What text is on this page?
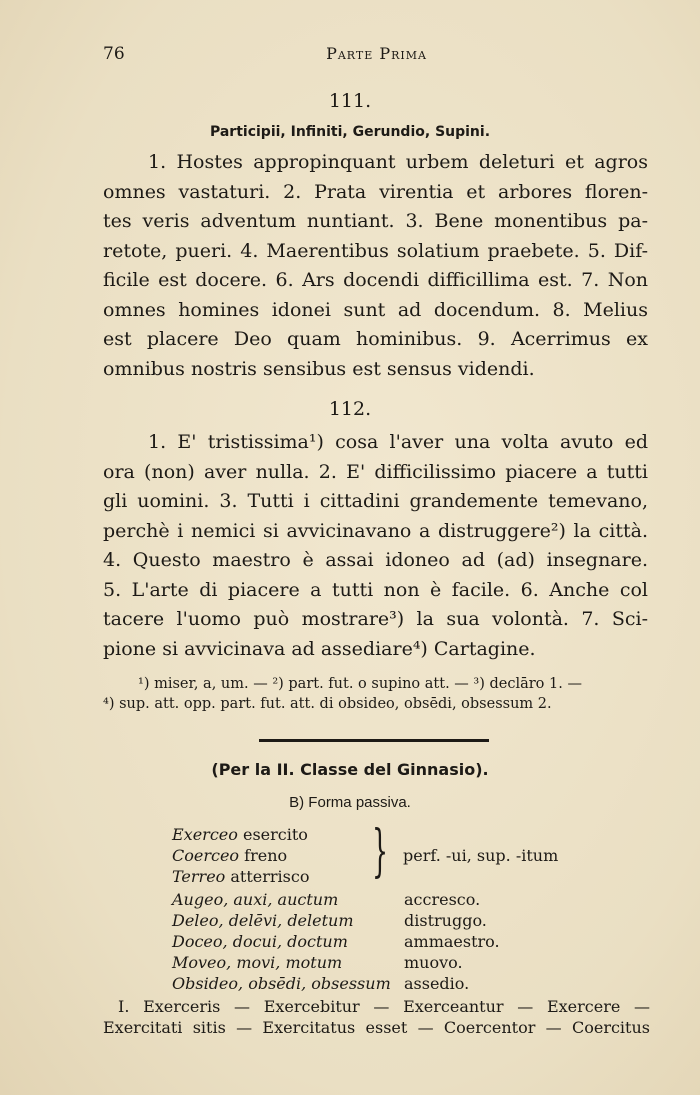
76	Parte Prima
111.
Participii, Infiniti, Gerundio, Supini.
1. Hostes appropinquant urbem deleturi et agros
omnes vastaturi. 2. Prata virentia et arbores floren-
tes veris adventum nuntiant. 3. Bene monentibus pa-
retote, pueri. 4. Maerentibus solatium praebete. 5. Dif-
ficile est docere. 6. Ars docendi difficillima est. 7. Non
omnes homines idonei sunt ad docendum. 8. Melius
est placere Deo quam hominibus. 9. Acerrimus ex
omnibus nostris sensibus est sensus videndi.
112.
1. E' tristissima¹) cosa l'aver una volta avuto ed
ora (non) aver nulla. 2. E' difficilissimo piacere a tutti
gli uomini. 3. Tutti i cittadini grandemente temevano,
perchè i nemici si avvicinavano a distruggere²) la città.
4. Questo maestro è assai idoneo ad (ad) insegnare.
5. L'arte di piacere a tutti non è facile. 6. Anche col
tacere l'uomo può mostrare³) la sua volontà. 7. Sci-
pione si avvicinava ad assediare⁴) Cartagine.
¹) miser, a, um. — ²) part. fut. o supino att. — ³) declāro 1. —
⁴) sup. att. opp. part. fut. att. di obsideo, obsēdi, obsessum 2.
(Per la II. Classe del Ginnasio).
B) Forma passiva.
Exerceo esercito
Coerceo freno
Terreo atterrisco } perf. -ui, sup. -itum
Augeo, auxi, auctum	accresco.
Deleo, delēvi, deletum	distruggo.
Doceo, docui, doctum	ammaestro.
Moveo, movi, motum	muovo.
Obsideo, obsēdi, obsessum assedio.
I. Exerceris — Exercebitur — Exerceantur — Exercere —
Exercitati sitis — Exercitatus esset — Coercentor — Coercitus
